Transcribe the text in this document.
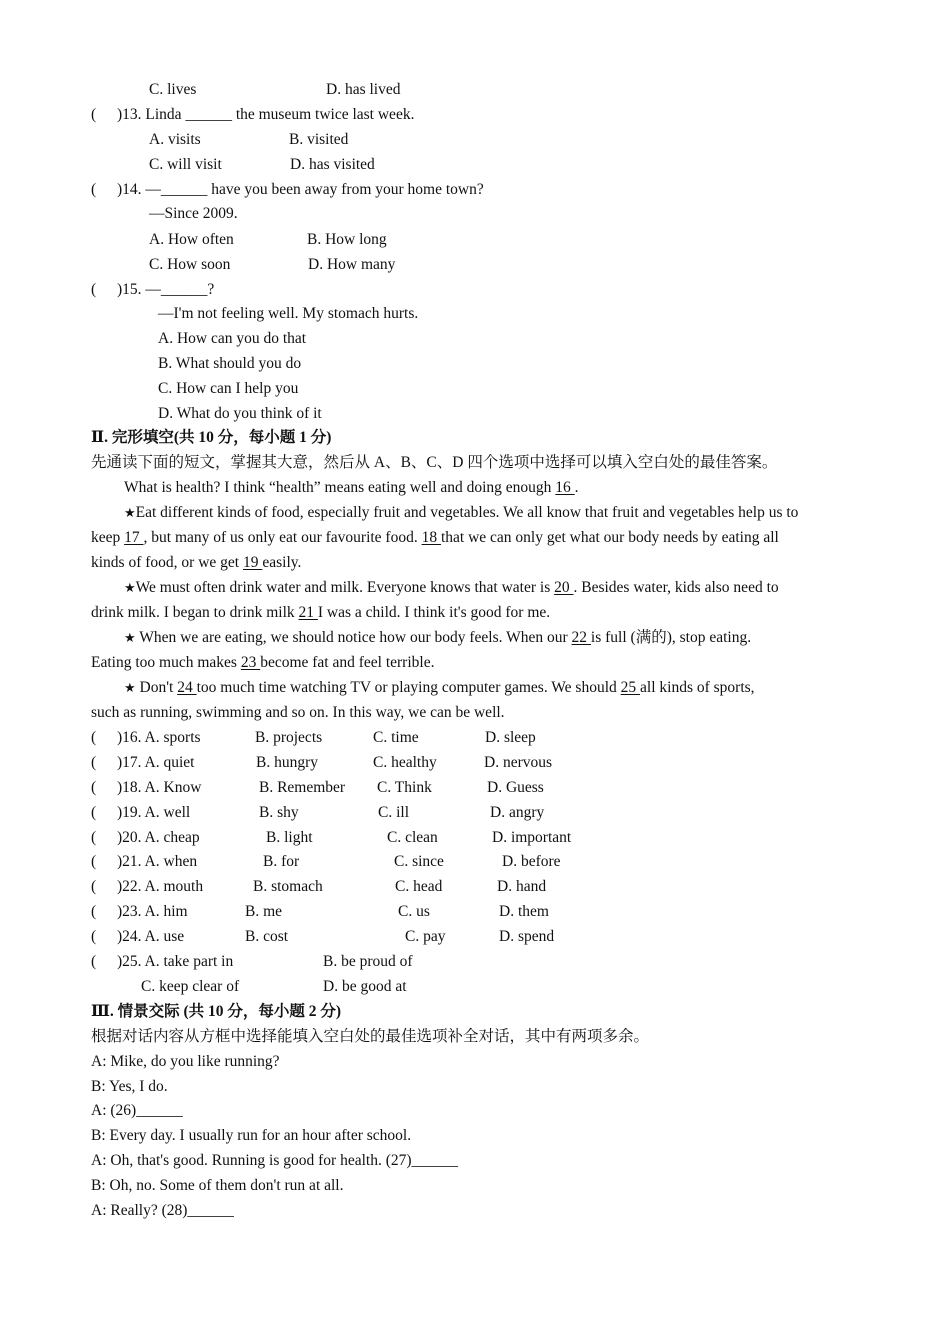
C. lives	D. has lived
( )13. Linda ______ the museum twice last week.
A. visits	B. visited
C. will visit	D. has visited
( )14. —______ have you been away from your home town?
—Since 2009.
A. How often	B. How long
C. How soon	D. How many
( )15. —______?
—I'm not feeling well. My stomach hurts.
A. How can you do that
B. What should you do
C. How can I help you
D. What do you think of it
Ⅱ. 完形填空(共 10 分，每小题 1 分)
先通读下面的短文，掌握其大意，然后从 A、B、C、D 四个选项中选择可以填入空白处的最佳答案。
What is health? I think “health” means eating well and doing enough 16 .
★Eat different kinds of food, especially fruit and vegetables. We all know that fruit and vegetables help us to
keep 17 , but many of us only eat our favourite food. 18 that we can only get what our body needs by eating all
kinds of food, or we get 19 easily.
★We must often drink water and milk. Everyone knows that water is 20 . Besides water, kids also need to
drink milk. I began to drink milk 21 I was a child. I think it's good for me.
★ When we are eating, we should notice how our body feels. When our 22 is full (满的), stop eating.
Eating too much makes 23 become fat and feel terrible.
★ Don't 24 too much time watching TV or playing computer games. We should 25 all kinds of sports,
such as running, swimming and so on. In this way, we can be well.
( )16. A. sports	B. projects	C. time	D. sleep
( )17. A. quiet	B. hungry	C. healthy	D. nervous
( )18. A. Know	B. Remember C. Think	D. Guess
( )19. A. well	B. shy	C. ill	D. angry
( )20. A. cheap	B. light	C. clean	D. important
( )21. A. when	B. for	C. since	D. before
( )22. A. mouth	B. stomach	C. head	D. hand
( )23. A. him	B. me	C. us	D. them
( )24. A. use	B. cost	C. pay	D. spend
( )25. A. take part in	B. be proud of
C. keep clear of	D. be good at
Ⅲ. 情景交际 (共 10 分，每小题 2 分)
根据对话内容从方框中选择能填入空白处的最佳选项补全对话，其中有两项多余。
A: Mike, do you like running?
B: Yes, I do.
A: (26)______
B: Every day. I usually run for an hour after school.
A: Oh, that's good. Running is good for health. (27)______
B: Oh, no. Some of them don't run at all.
A: Really? (28)______
